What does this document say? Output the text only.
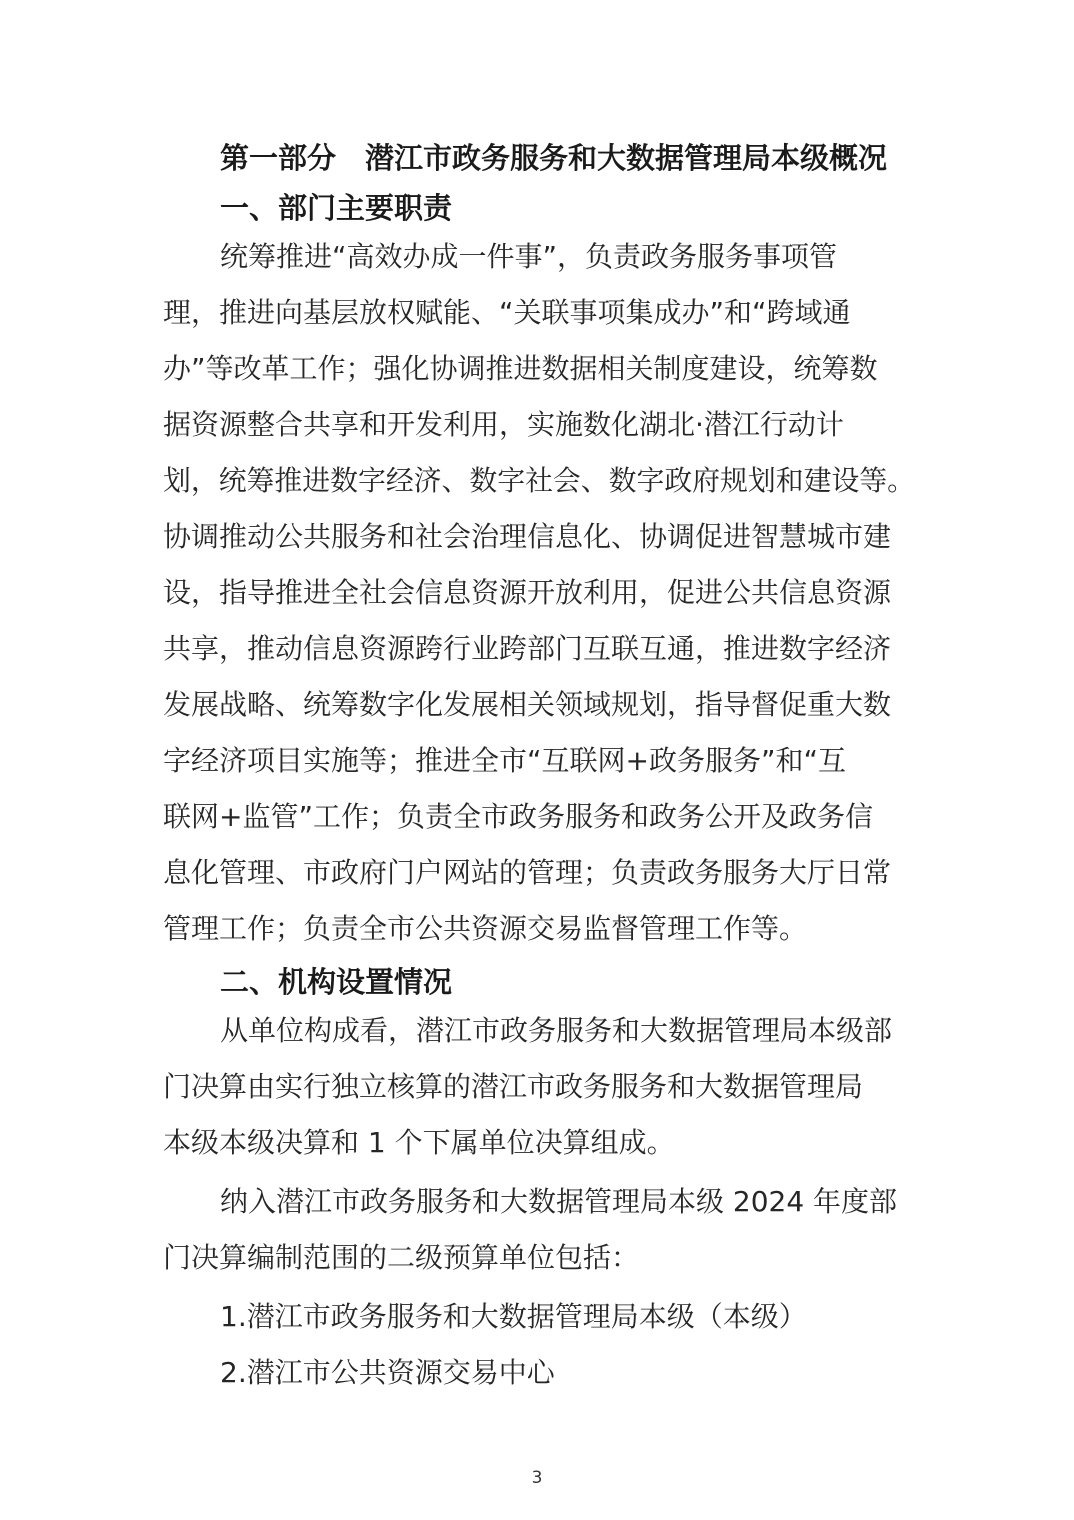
第一部分　潜江市政务服务和大数据管理局本级概况
一、部门主要职责
统筹推进“高效办成一件事”，负责政务服务事项管
理，推进向基层放权赋能、“关联事项集成办”和“跨域通
办”等改革工作；强化协调推进数据相关制度建设，统筹数
据资源整合共享和开发利用，实施数化湖北·潜江行动计
划，统筹推进数字经济、数字社会、数字政府规划和建设等。
协调推动公共服务和社会治理信息化、协调促进智慧城市建
设，指导推进全社会信息资源开放利用，促进公共信息资源
共享，推动信息资源跨行业跨部门互联互通，推进数字经济
发展战略、统筹数字化发展相关领域规划，指导督促重大数
字经济项目实施等；推进全市“互联网+政务服务”和“互
联网+监管”工作；负责全市政务服务和政务公开及政务信
息化管理、市政府门户网站的管理；负责政务服务大厅日常
管理工作；负责全市公共资源交易监督管理工作等。
二、机构设置情况
从单位构成看，潜江市政务服务和大数据管理局本级部
门决算由实行独立核算的潜江市政务服务和大数据管理局
本级本级决算和 1 个下属单位决算组成。
纳入潜江市政务服务和大数据管理局本级 2024 年度部
门决算编制范围的二级预算单位包括：
1.潜江市政务服务和大数据管理局本级（本级）
2.潜江市公共资源交易中心
3
